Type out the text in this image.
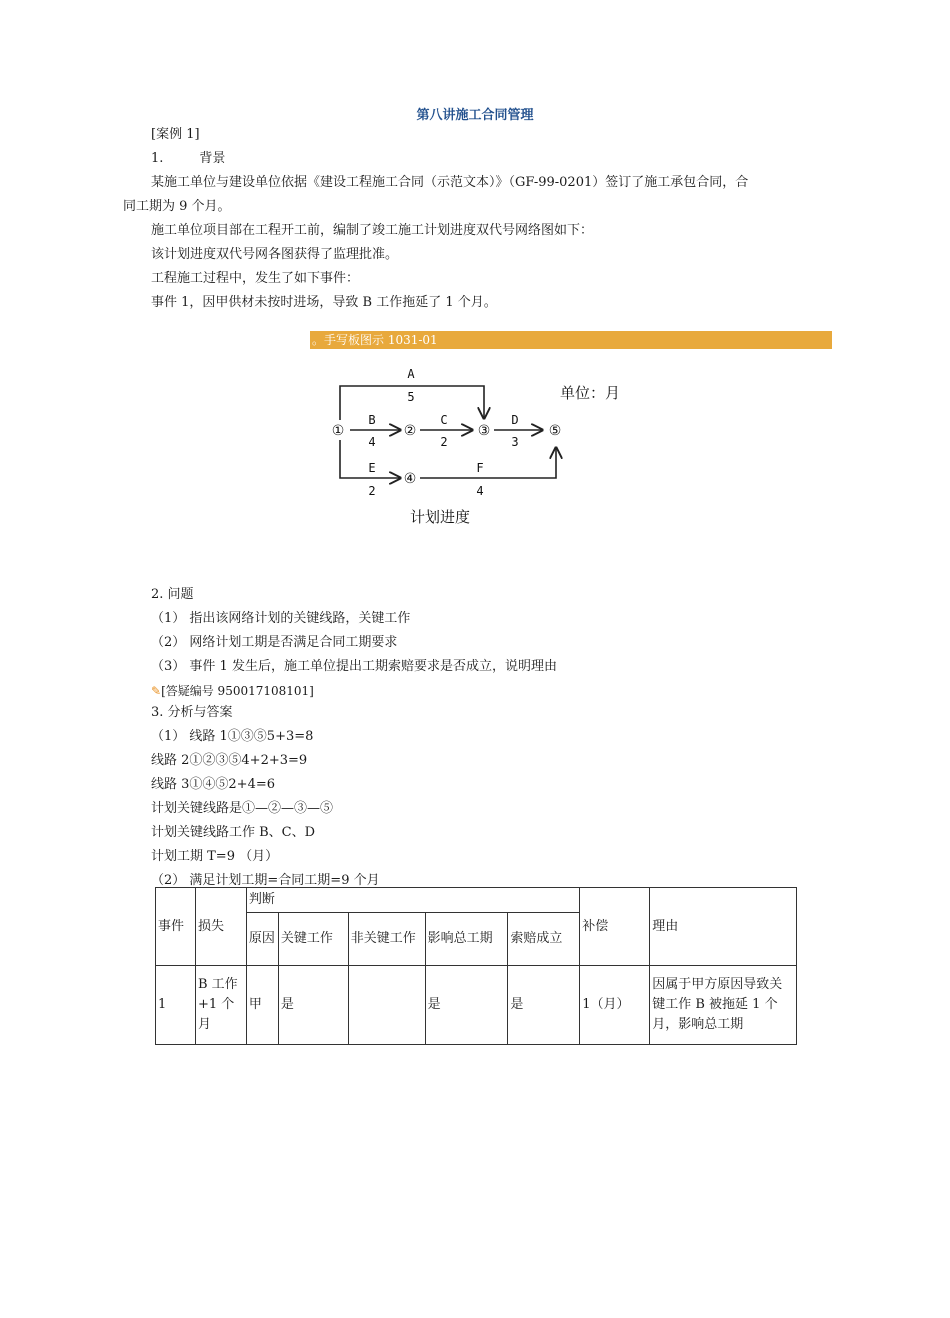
第八讲施工合同管理
[案例 1]
1.	背景
某施工单位与建设单位依据《建设工程施工合同（示范文本）》（GF-99-0201）签订了施工承包合同，合
同工期为 9 个月。
施工单位项目部在工程开工前，编制了竣工施工计划进度双代号网络图如下：
该计划进度双代号网各图获得了监理批准。
工程施工过程中，发生了如下事件：
事件 1，因甲供材未按时进场，导致 B 工作拖延了 1 个月。
。手写板图示 1031-01
①	②	③
④
⑤
A
5
B
4
C
2
D
3
E
2
F
4
单位：月
计划进度
2. 问题
（1） 指出该网络计划的关键线路，关键工作
（2） 网络计划工期是否满足合同工期要求
（3） 事件 1 发生后，施工单位提出工期索赔要求是否成立，说明理由
✎[答疑编号 950017108101]
3. 分析与答案
（1） 线路 1①③⑤5+3=8
线路 2①②③⑤4+2+3=9
线路 3①④⑤2+4=6
计划关键线路是①—②—③—⑤
计划关键线路工作 B、C、D
计划工期 T=9 （月）
（2） 满足计划工期=合同工期=9 个月
事件	损失	判断					补偿	理由
		原因	关键工作	非关键工作	影响总工期	索赔成立		
1	B 工作+1 个月	甲	是		是	是	1（月）	因属于甲方原因导致关键工作 B 被拖延 1 个月，影响总工期
